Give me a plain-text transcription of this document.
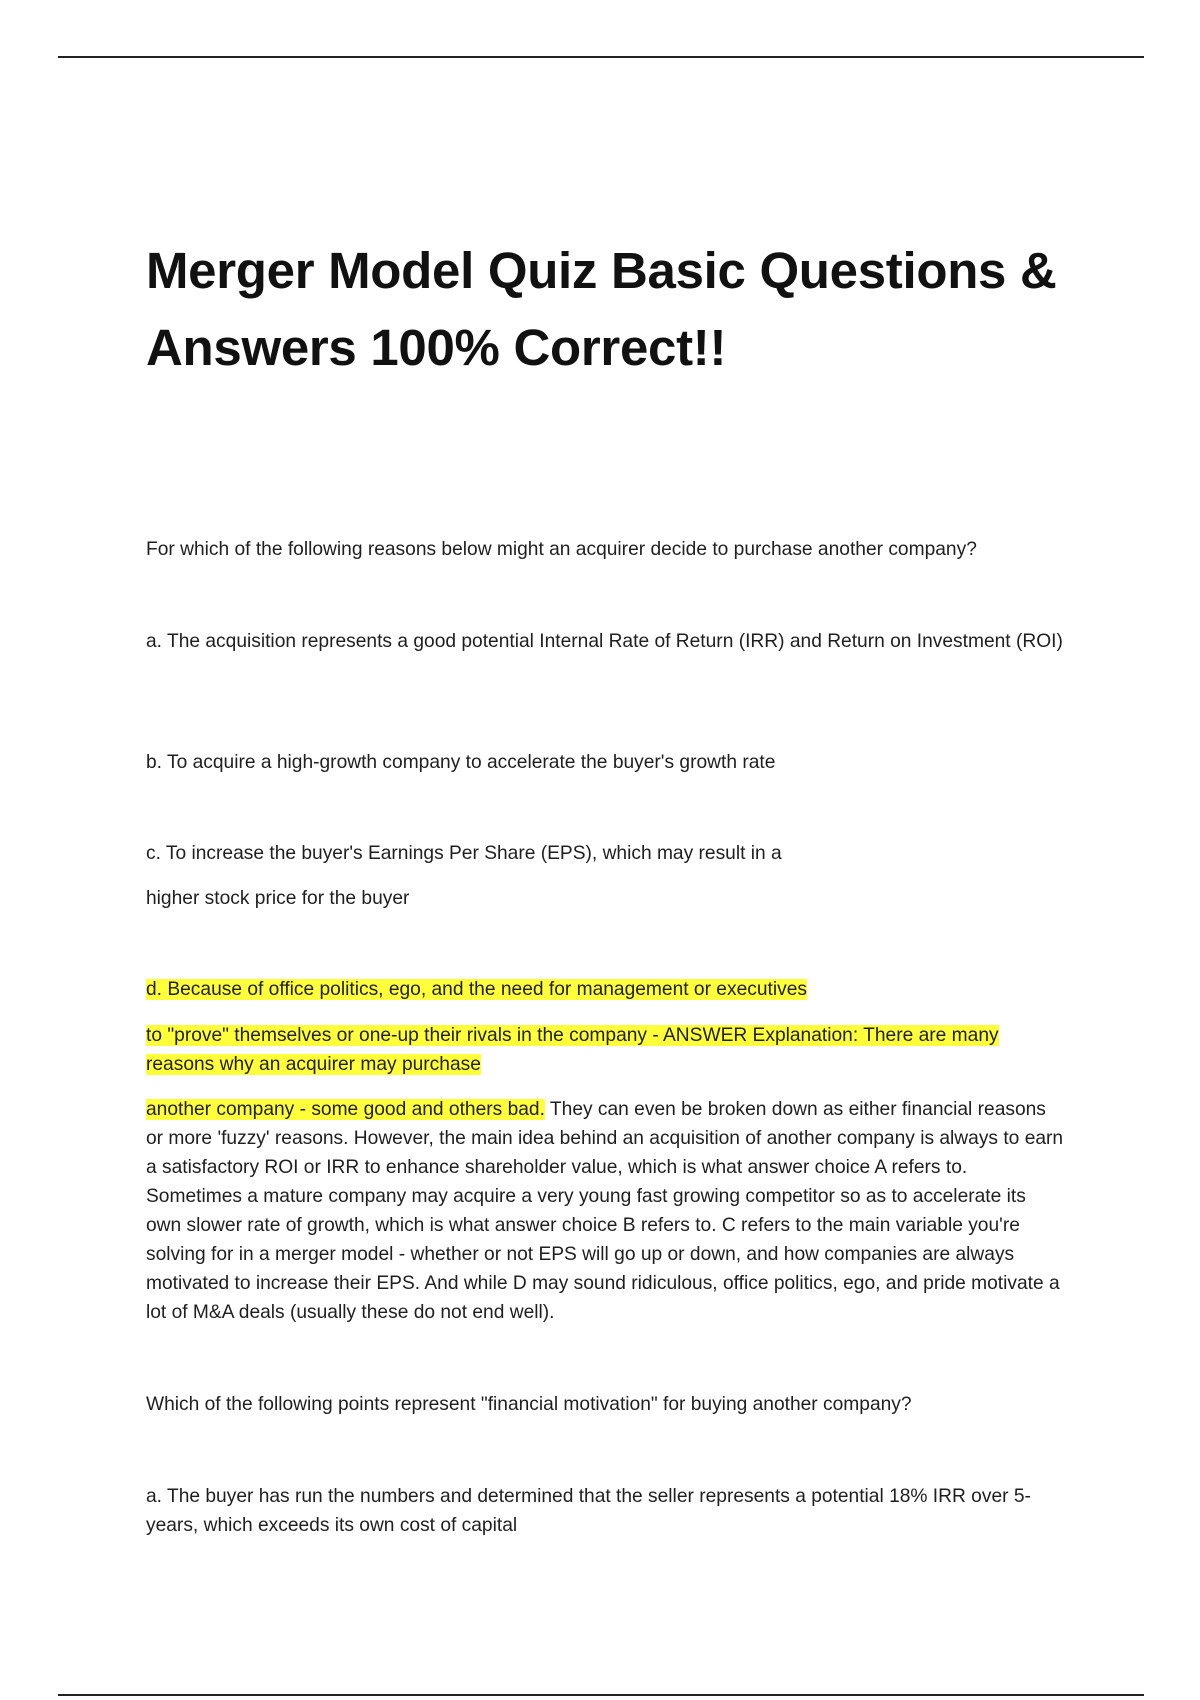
Merger Model Quiz Basic Questions & Answers 100% Correct!!

For which of the following reasons below might an acquirer decide to purchase another company?

a. The acquisition represents a good potential Internal Rate of Return (IRR) and Return on Investment (ROI)

b. To acquire a high-growth company to accelerate the buyer's growth rate

c. To increase the buyer's Earnings Per Share (EPS), which may result in a

higher stock price for the buyer

d. Because of office politics, ego, and the need for management or executives

to "prove" themselves or one-up their rivals in the company - ANSWER Explanation: There are many reasons why an acquirer may purchase

another company - some good and others bad. They can even be broken down as either financial reasons or more 'fuzzy' reasons. However, the main idea behind an acquisition of another company is always to earn a satisfactory ROI or IRR to enhance shareholder value, which is what answer choice A refers to. Sometimes a mature company may acquire a very young fast growing competitor so as to accelerate its own slower rate of growth, which is what answer choice B refers to. C refers to the main variable you're solving for in a merger model - whether or not EPS will go up or down, and how companies are always motivated to increase their EPS. And while D may sound ridiculous, office politics, ego, and pride motivate a lot of M&A deals (usually these do not end well).

Which of the following points represent "financial motivation" for buying another company?

a. The buyer has run the numbers and determined that the seller represents a potential 18% IRR over 5-years, which exceeds its own cost of capital
